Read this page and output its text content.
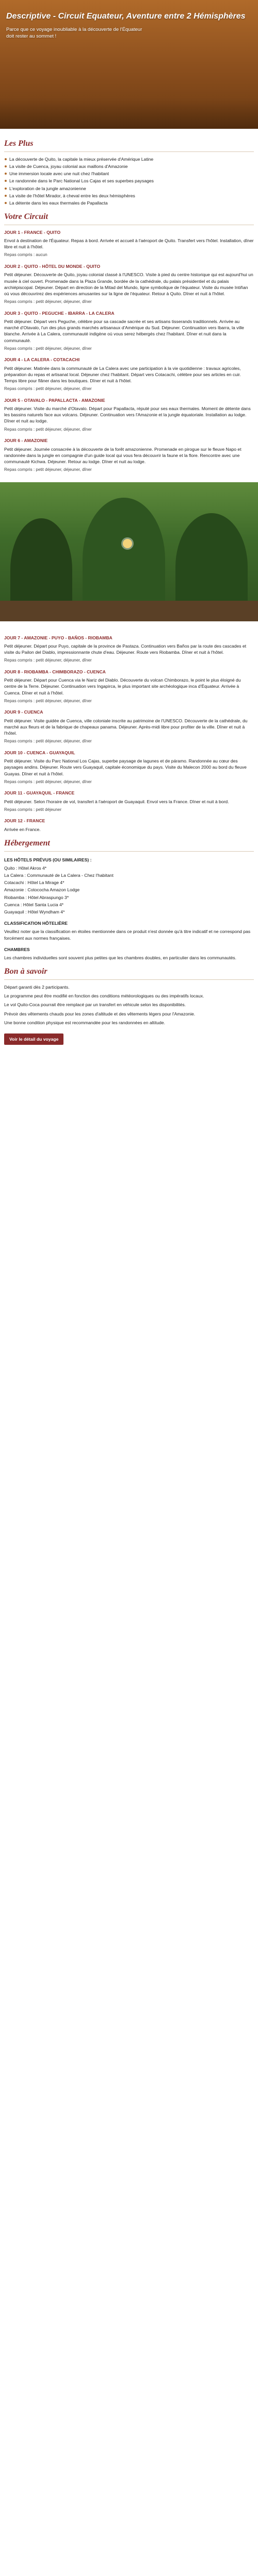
Descriptive - Circuit Equateur, Aventure entre 2 Hémisphères
Parce que ce voyage inoubliable à la découverte de l'Équateur doit rester au sommet !
Les Plus
La découverte de Quito, la capitale la mieux préservée d'Amérique Latine
La visite de Cuenca, joyau colonial aux maillons d'Amazonie
Une immersion locale avec une nuit chez l'habitant
Le randonnée dans le Parc National Los Cajas et ses superbes paysages
L'exploration de la jungle amazonienne
La visite de l'hôtel Mirador, à cheval entre les deux hémisphères
La détente dans les eaux thermales de Papallacta
Votre Circuit
JOUR 1 - FRANCE - QUITO
Envol à destination de l'Équateur. Repas à bord. Arrivée et accueil à l'aéroport de Quito. Transfert vers l'hôtel. Installation, dîner libre et nuit à l'hôtel.
Repas compris : aucun
JOUR 2 - QUITO - HÔTEL DU MONDE - QUITO
Petit déjeuner. Découverte de Quito, joyau colonial classé à l'UNESCO. Visite à pied du centre historique qui est aujourd'hui un musée à ciel ouvert. Promenade dans la Plaza Grande, bordée de la cathédrale, du palais présidentiel et du palais archiépiscopal. Déjeuner. Départ en direction de la Mitad del Mundo, ligne symbolique de l'équateur. Visite du musée Intiñan où vous découvrirez des expériences amusantes sur la ligne de l'équateur. Retour à Quito. Dîner et nuit à l'hôtel.
Repas compris : petit déjeuner, déjeuner, dîner
JOUR 3 - QUITO - PEGUCHE - IBARRA - LA CALERA
Petit déjeuner. Départ vers Peguche, célèbre pour sa cascade sacrée et ses artisans tisserands traditionnels. Arrivée au marché d'Otavalo, l'un des plus grands marchés artisanaux d'Amérique du Sud. Déjeuner. Continuation vers Ibarra, la ville blanche. Arrivée à La Calera, communauté indigène où vous serez hébergés chez l'habitant. Dîner et nuit dans la communauté.
Repas compris : petit déjeuner, déjeuner, dîner
JOUR 4 - LA CALERA - COTACACHI
Petit déjeuner. Matinée dans la communauté de La Calera avec une participation à la vie quotidienne : travaux agricoles, préparation du repas et artisanat local. Déjeuner chez l'habitant. Départ vers Cotacachi, célèbre pour ses articles en cuir. Temps libre pour flâner dans les boutiques. Dîner et nuit à l'hôtel.
Repas compris : petit déjeuner, déjeuner, dîner
JOUR 5 - OTAVALO - PAPALLACTA - AMAZONIE
Petit déjeuner. Visite du marché d'Otavalo. Départ pour Papallacta, réputé pour ses eaux thermales. Moment de détente dans les bassins naturels face aux volcans. Déjeuner. Continuation vers l'Amazonie et la jungle équatoriale. Installation au lodge. Dîner et nuit au lodge.
Repas compris : petit déjeuner, déjeuner, dîner
JOUR 6 - AMAZONIE
Petit déjeuner. Journée consacrée à la découverte de la forêt amazonienne. Promenade en pirogue sur le fleuve Napo et randonnée dans la jungle en compagnie d'un guide local qui vous fera découvrir la faune et la flore. Rencontre avec une communauté Kichwa. Déjeuner. Retour au lodge. Dîner et nuit au lodge.
Repas compris : petit déjeuner, déjeuner, dîner
JOUR 7 - AMAZONIE - PUYO - BAÑOS - RIOBAMBA
Petit déjeuner. Départ pour Puyo, capitale de la province de Pastaza. Continuation vers Baños par la route des cascades et visite du Pailon del Diablo, impressionnante chute d'eau. Déjeuner. Route vers Riobamba. Dîner et nuit à l'hôtel.
Repas compris : petit déjeuner, déjeuner, dîner
JOUR 8 - RIOBAMBA - CHIMBORAZO - CUENCA
Petit déjeuner. Départ pour Cuenca via le Nariz del Diablo. Découverte du volcan Chimborazo, le point le plus éloigné du centre de la Terre. Déjeuner. Continuation vers Ingapirca, le plus important site archéologique inca d'Équateur. Arrivée à Cuenca. Dîner et nuit à l'hôtel.
Repas compris : petit déjeuner, déjeuner, dîner
JOUR 9 - CUENCA
Petit déjeuner. Visite guidée de Cuenca, ville coloniale inscrite au patrimoine de l'UNESCO. Découverte de la cathédrale, du marché aux fleurs et de la fabrique de chapeaux panama. Déjeuner. Après-midi libre pour profiter de la ville. Dîner et nuit à l'hôtel.
Repas compris : petit déjeuner, déjeuner, dîner
JOUR 10 - CUENCA - GUAYAQUIL
Petit déjeuner. Visite du Parc National Los Cajas, superbe paysage de lagunes et de páramo. Randonnée au cœur des paysages andins. Déjeuner. Route vers Guayaquil, capitale économique du pays. Visite du Malecon 2000 au bord du fleuve Guayas. Dîner et nuit à l'hôtel.
Repas compris : petit déjeuner, déjeuner, dîner
JOUR 11 - GUAYAQUIL - FRANCE
Petit déjeuner. Selon l'horaire de vol, transfert à l'aéroport de Guayaquil. Envol vers la France. Dîner et nuit à bord.
Repas compris : petit déjeuner
JOUR 12 - FRANCE
Arrivée en France.
Hébergement
LES HÔTELS PRÉVUS (OU SIMILAIRES) :
Quito : Hôtel Akros 4*
La Calera : Communauté de La Calera - Chez l'habitant
Cotacachi : Hôtel La Mirage 4*
Amazonie : Cotococha Amazon Lodge
Riobamba : Hôtel Abraspungo 3*
Cuenca : Hôtel Santa Lucia 4*
Guayaquil : Hôtel Wyndham 4*
CLASSIFICATION HÔTELIÈRE
Veuillez noter que la classification en étoiles mentionnée dans ce produit n'est donnée qu'à titre indicatif et ne correspond pas forcément aux normes françaises.
CHAMBRES
Les chambres individuelles sont souvent plus petites que les chambres doubles, en particulier dans les communautés.
Bon à savoir
Départ garanti dès 2 participants.
Le programme peut être modifié en fonction des conditions météorologiques ou des impératifs locaux.
Le vol Quito-Coca pourrait être remplacé par un transfert en véhicule selon les disponibilités.
Prévoir des vêtements chauds pour les zones d'altitude et des vêtements légers pour l'Amazonie.
Une bonne condition physique est recommandée pour les randonnées en altitude.
Voir le détail du voyage
